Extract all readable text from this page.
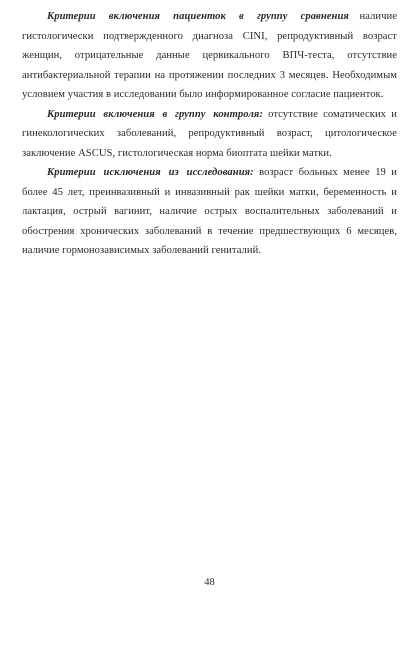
Критерии включения пациенток в группу сравнения наличие гистологически подтвержденного диагноза CINI, репродуктивный возраст женщин, отрицательные данные цервикального ВПЧ-теста, отсутствие антибактериальной терапии на протяжении последних 3 месяцев. Необходимым условием участия в исследовании было информированное согласие пациенток.

Критерии включения в группу контроля: отсутствие соматических и гинекологических заболеваний, репродуктивный возраст, цитологическое заключение ASCUS, гистологическая норма биоптата шейки матки.

Критерии исключения из исследования: возраст больных менее 19 и более 45 лет, преинвазивный и инвазивный рак шейки матки, беременность и лактация, острый вагинит, наличие острых воспалительных заболеваний и обострения хронических заболеваний в течение предшествующих 6 месяцев, наличие гормонозависимых заболеваний гениталий.

48
